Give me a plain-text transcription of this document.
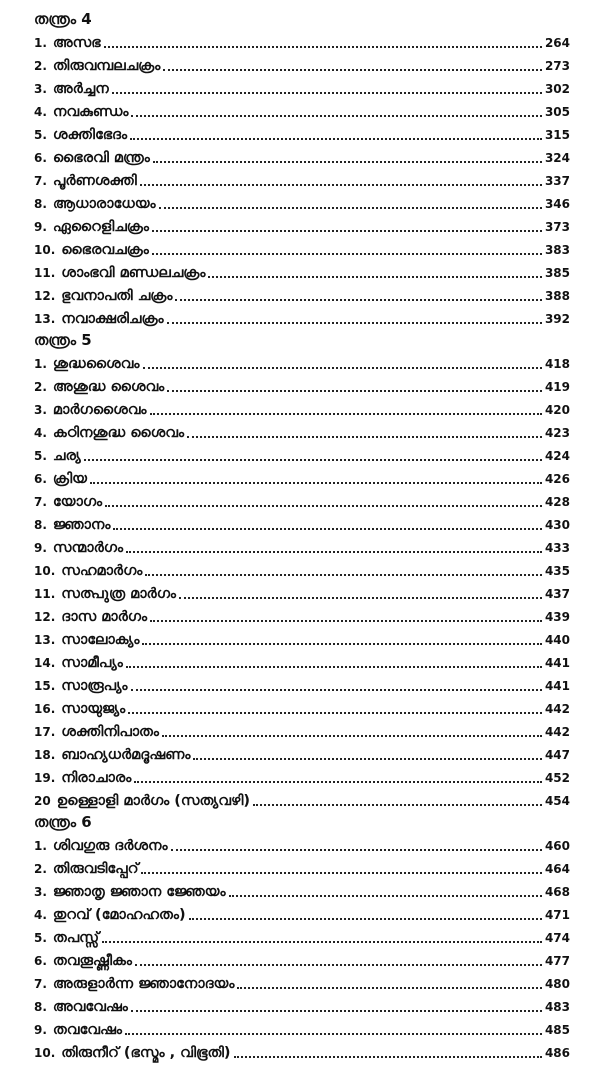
തന്ത്രം 4
1. അസഭ	264
2. തിരുവമ്പലചക്രം	273
3. അർച്ചന	302
4. നവകുണ്ഡം	305
5. ശക്തിഭേദം	315
6. ഭൈരവി മന്ത്രം	324
7. പൂർണശക്തി	337
8. ആധാരാധേയം	346
9. ഏറൈളിചക്രം	373
10. ഭൈരവചക്രം	383
11. ശാംഭവി മണ്ഡലചക്രം	385
12. ഭുവനാപതി ചക്രം	388
13. നവാക്ഷരിചക്രം	392
തന്ത്രം 5
1. ശുദ്ധശൈവം	418
2. അശുദ്ധ ശൈവം	419
3. മാർഗശൈവം	420
4. കഠിനശുദ്ധ ശൈവം	423
5. ചര്യ	424
6. ക്രിയ	426
7. യോഗം	428
8. ജ്ഞാനം	430
9. സന്മാർഗം	433
10. സഹമാർഗം	435
11. സത്പുത്ര മാർഗം	437
12. ദാസ മാർഗം	439
13. സാലോക്യം	440
14. സാമീപ്യം	441
15. സാരൂപ്യം	441
16. സായുജ്യം	442
17. ശക്തിനിപാതം	442
18. ബാഹ്യധർമദൂഷണം	447
19. നിരാചാരം	452
20 ഉള്ളൊളി മാർഗം (സത്യവഴി)	454
തന്ത്രം 6
1. ശിവഗുരു ദർശനം	460
2. തിരുവടിപ്പേറ്	464
3. ജ്ഞാതൃ ജ്ഞാന ജ്ഞേയം	468
4. തുറവ് (മോഹഹതം)	471
5. തപസ്സ്	474
6. തവതൂഷ്ണീകം	477
7. അരുളാർന്ന ജ്ഞാനോദയം	480
8. അവവേഷം	483
9. തവവേഷം	485
10. തിരുനീറ് (ഭസ്മം , വിഭൂതി)	486
